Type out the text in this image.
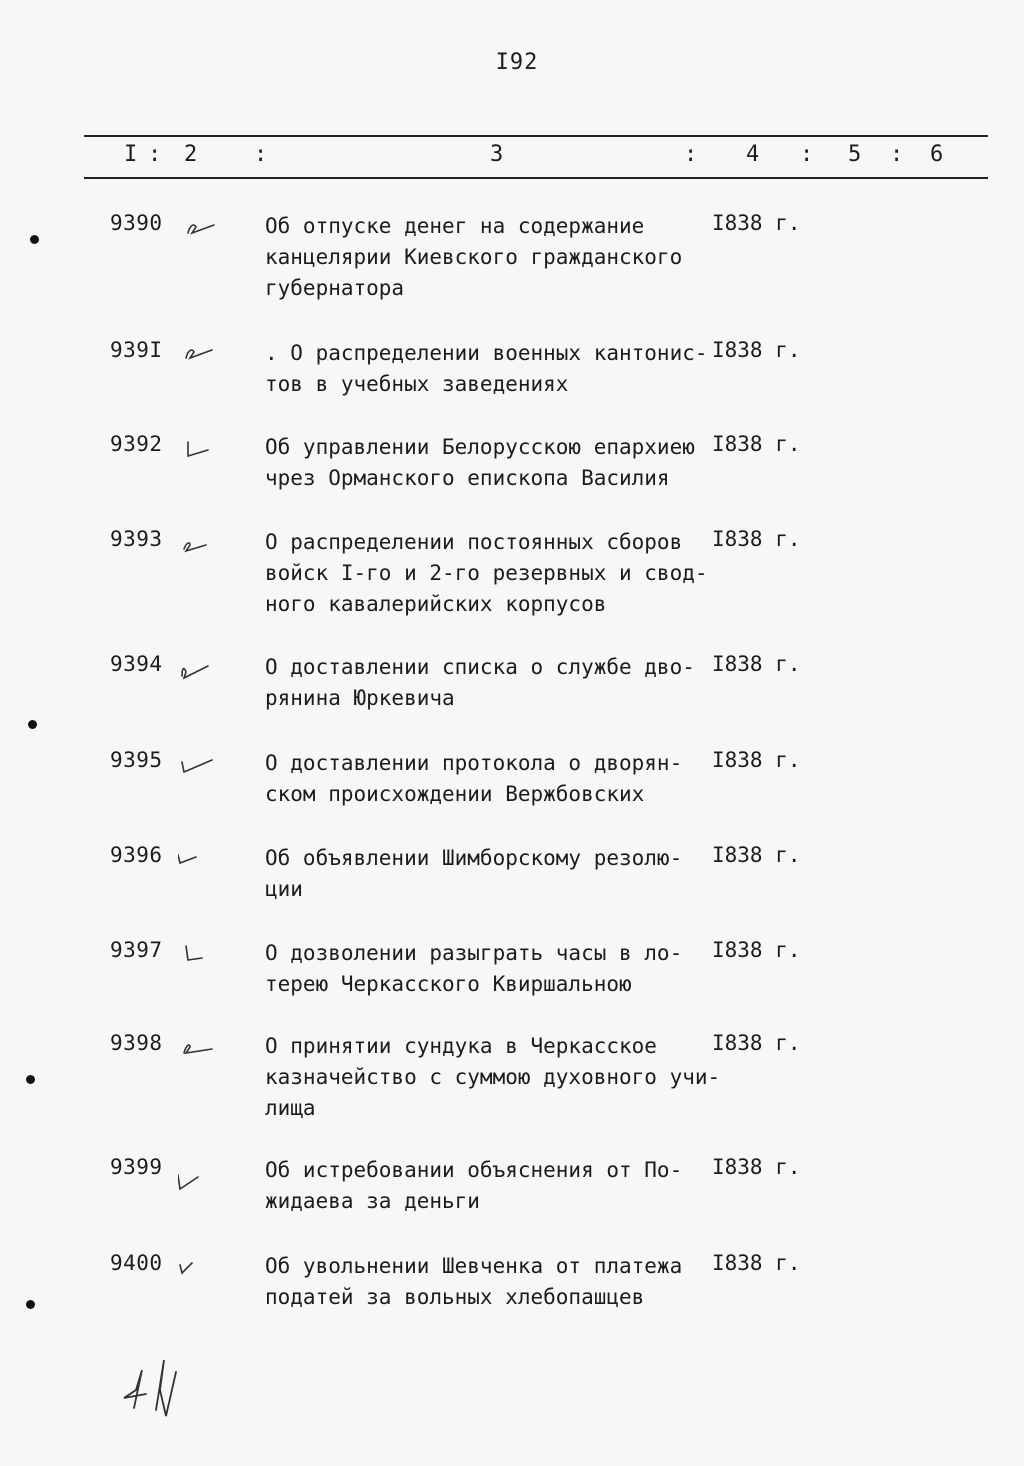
I92
I : 2	:	3	: 4 : 5 : 6
9390	Об отпуске денег на содержание
канцелярии Киевского гражданского
губернатора
I838 г.
939I	. О распределении военных кантонис-
тов в учебных заведениях
I838 г.
9392	Об управлении Белорусскою епархиею
чрез Орманского епископа Василия
I838 г.
9393	О распределении постоянных сборов
войск I-го и 2-го резервных и свод-
ного кавалерийских корпусов
I838 г.
9394	О доставлении списка о службе дво-
рянина Юркевича
I838 г.
9395	О доставлении протокола о дворян-
ском происхождении Вержбовских
I838 г.
9396	Об объявлении Шимборскому резолю-
ции
I838 г.
9397	О дозволении разыграть часы в ло-
терею Черкасского Квиршальною
I838 г.
9398	О принятии сундука в Черкасское
казначейство с суммою духовного учи-
лища
I838 г.
9399	Об истребовании объяснения от По-
жидаева за деньги
I838 г.
9400	Об увольнении Шевченка от платежа
податей за вольных хлебопашцев
I838 г.
